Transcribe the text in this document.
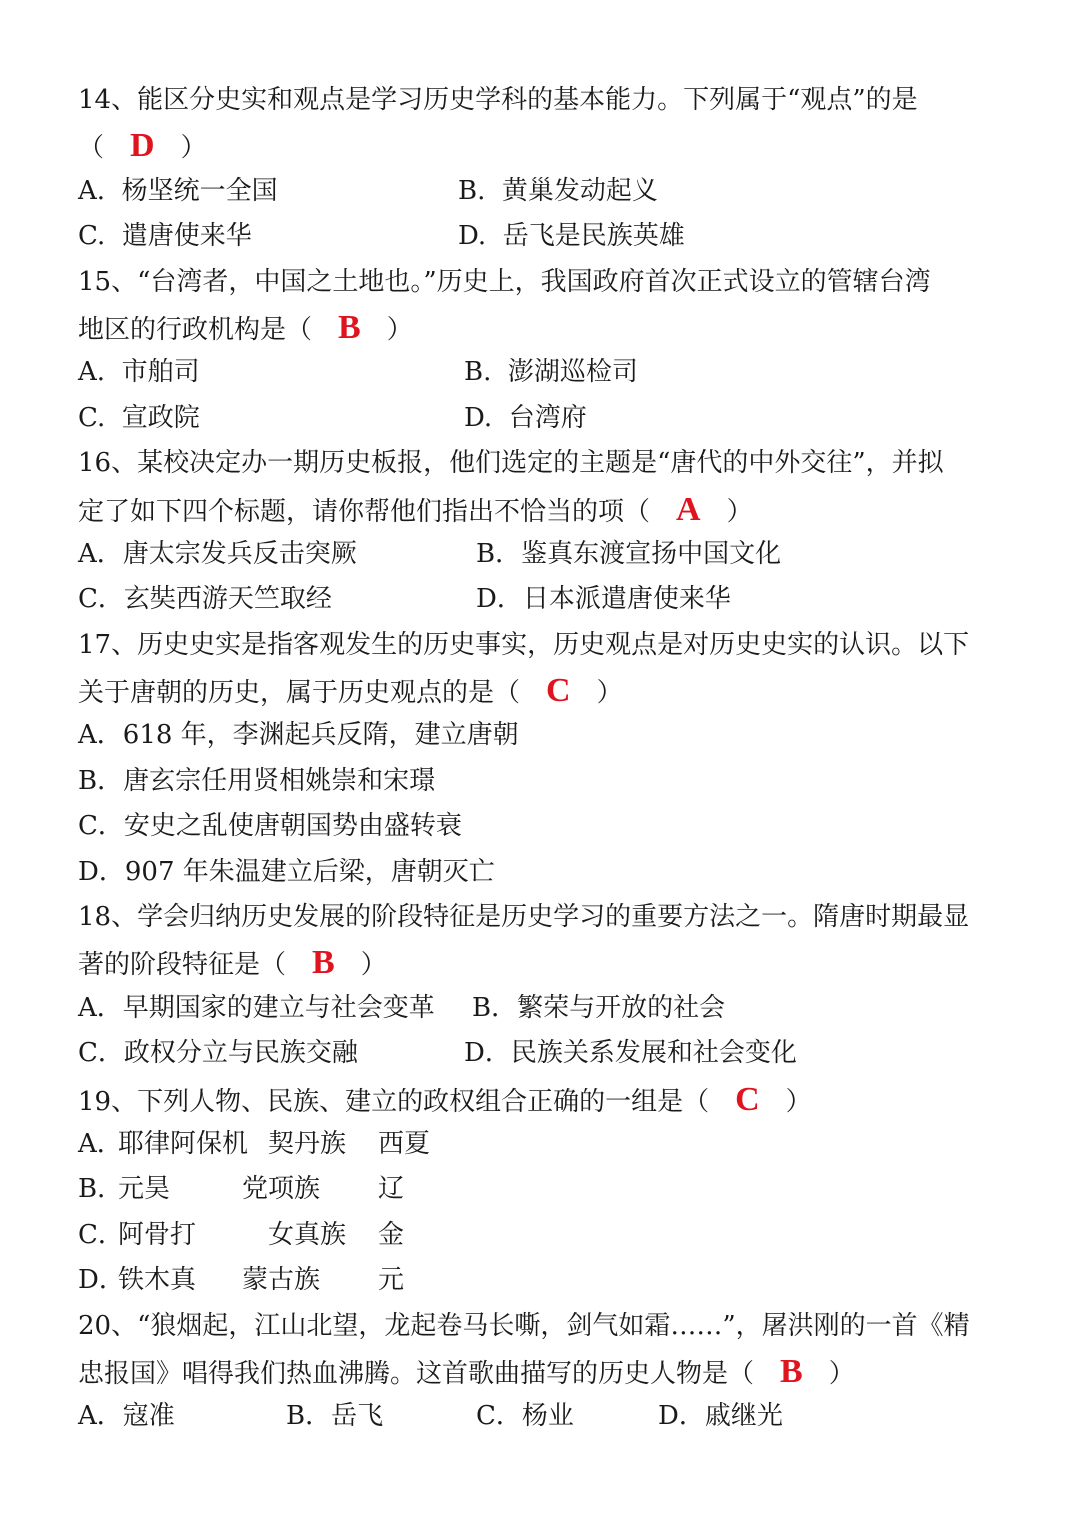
14、能区分史实和观点是学习历史学科的基本能力。下列属于“观点”的是
（ D ）
A. 杨坚统一全国	B. 黄巢发动起义
C. 遣唐使来华	D. 岳飞是民族英雄
15、“台湾者，中国之土地也。”历史上，我国政府首次正式设立的管辖台湾
地区的行政机构是（ B ）
A. 市舶司	B. 澎湖巡检司
C. 宣政院	D. 台湾府
16、某校决定办一期历史板报，他们选定的主题是“唐代的中外交往”，并拟
定了如下四个标题，请你帮他们指出不恰当的项（ A ）
A．唐太宗发兵反击突厥	B．鉴真东渡宣扬中国文化
C．玄奘西游天竺取经	D．日本派遣唐使来华
17、历史史实是指客观发生的历史事实，历史观点是对历史史实的认识。以下
关于唐朝的历史，属于历史观点的是（ C ）
A．618 年，李渊起兵反隋，建立唐朝
B．唐玄宗任用贤相姚崇和宋璟
C．安史之乱使唐朝国势由盛转衰
D．907 年朱温建立后梁，唐朝灭亡
18、学会归纳历史发展的阶段特征是历史学习的重要方法之一。隋唐时期最显
著的阶段特征是（ B ）
A．早期国家的建立与社会变革 B．繁荣与开放的社会
C．政权分立与民族交融	D．民族关系发展和社会变化
19、下列人物、民族、建立的政权组合正确的一组是（ C ）
A．
耶律阿保机 契丹族 西夏
B．
元昊	党项族 辽
C．
阿骨打	女真族 金
D．
铁木真 蒙古族 元
20、“狼烟起，江山北望，龙起卷马长嘶，剑气如霜……”，屠洪刚的一首《精
忠报国》唱得我们热血沸腾。这首歌曲描写的历史人物是（ B ）
A．寇准	B．岳飞	C．杨业	D．戚继光
